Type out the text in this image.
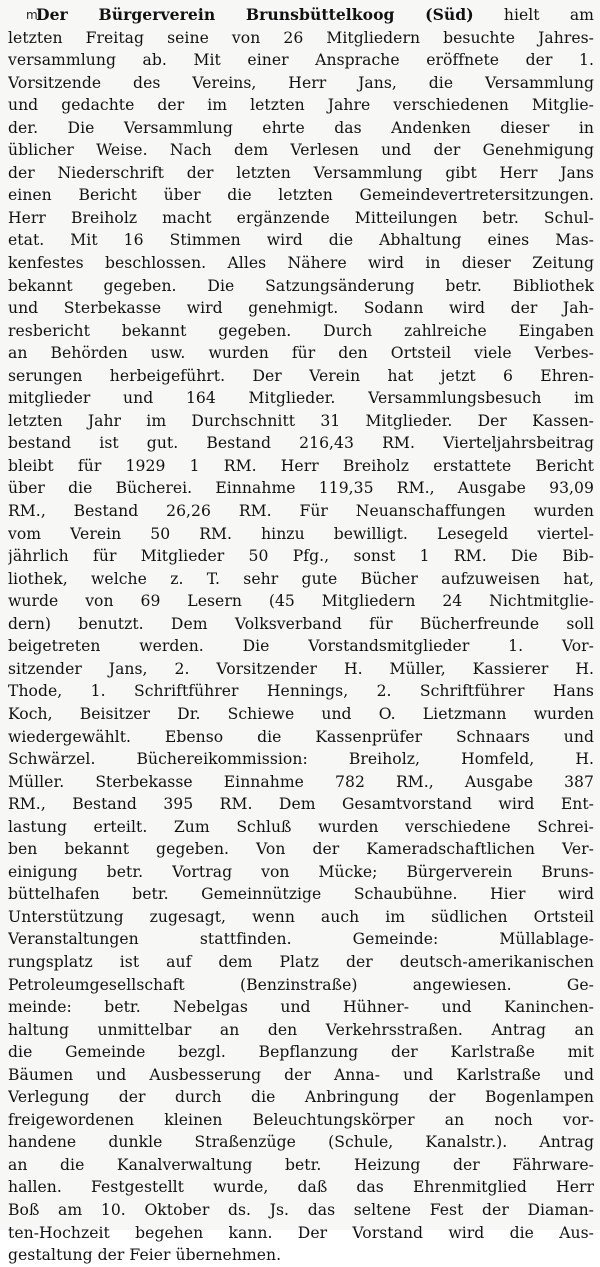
m
Der Bürgerverein Brunsbüttelkoog (Süd) hielt am
letzten Freitag seine von 26 Mitgliedern besuchte Jahres-
versammlung ab. Mit einer Ansprache eröffnete der 1.
Vorsitzende des Vereins, Herr Jans, die Versammlung
und gedachte der im letzten Jahre verschiedenen Mitglie-
der. Die Versammlung ehrte das Andenken dieser in
üblicher Weise. Nach dem Verlesen und der Genehmigung
der Niederschrift der letzten Versammlung gibt Herr Jans
einen Bericht über die letzten Gemeindevertretersitzungen.
Herr Breiholz macht ergänzende Mitteilungen betr. Schul-
etat. Mit 16 Stimmen wird die Abhaltung eines Mas-
kenfestes beschlossen. Alles Nähere wird in dieser Zeitung
bekannt gegeben. Die Satzungsänderung betr. Bibliothek
und Sterbekasse wird genehmigt. Sodann wird der Jah-
resbericht bekannt gegeben. Durch zahlreiche Eingaben
an Behörden usw. wurden für den Ortsteil viele Verbes-
serungen herbeigeführt. Der Verein hat jetzt 6 Ehren-
mitglieder und 164 Mitglieder. Versammlungsbesuch im
letzten Jahr im Durchschnitt 31 Mitglieder. Der Kassen-
bestand ist gut. Bestand 216,43 RM. Vierteljahrsbeitrag
bleibt für 1929 1 RM. Herr Breiholz erstattete Bericht
über die Bücherei. Einnahme 119,35 RM., Ausgabe 93,09
RM., Bestand 26,26 RM. Für Neuanschaffungen wurden
vom Verein 50 RM. hinzu bewilligt. Lesegeld viertel-
jährlich für Mitglieder 50 Pfg., sonst 1 RM. Die Bib-
liothek, welche z. T. sehr gute Bücher aufzuweisen hat,
wurde von 69 Lesern (45 Mitgliedern 24 Nichtmitglie-
dern) benutzt. Dem Volksverband für Bücherfreunde soll
beigetreten werden. Die Vorstandsmitglieder 1. Vor-
sitzender Jans, 2. Vorsitzender H. Müller, Kassierer H.
Thode, 1. Schriftführer Hennings, 2. Schriftführer Hans
Koch, Beisitzer Dr. Schiewe und O. Lietzmann wurden
wiedergewählt. Ebenso die Kassenprüfer Schnaars und
Schwärzel. Büchereikommission: Breiholz, Homfeld, H.
Müller. Sterbekasse Einnahme 782 RM., Ausgabe 387
RM., Bestand 395 RM. Dem Gesamtvorstand wird Ent-
lastung erteilt. Zum Schluß wurden verschiedene Schrei-
ben bekannt gegeben. Von der Kameradschaftlichen Ver-
einigung betr. Vortrag von Mücke; Bürgerverein Bruns-
büttelhafen betr. Gemeinnützige Schaubühne. Hier wird
Unterstützung zugesagt, wenn auch im südlichen Ortsteil
Veranstaltungen stattfinden. Gemeinde: Müllablage-
rungsplatz ist auf dem Platz der deutsch-amerikanischen
Petroleumgesellschaft (Benzinstraße) angewiesen. Ge-
meinde: betr. Nebelgas und Hühner- und Kaninchen-
haltung unmittelbar an den Verkehrsstraßen. Antrag an
die Gemeinde bezgl. Bepflanzung der Karlstraße mit
Bäumen und Ausbesserung der Anna- und Karlstraße und
Verlegung der durch die Anbringung der Bogenlampen
freigewordenen kleinen Beleuchtungskörper an noch vor-
handene dunkle Straßenzüge (Schule, Kanalstr.). Antrag
an die Kanalverwaltung betr. Heizung der Fährware-
hallen. Festgestellt wurde, daß das Ehrenmitglied Herr
Boß am 10. Oktober ds. Js. das seltene Fest der Diaman-
ten-Hochzeit begehen kann. Der Vorstand wird die Aus-
gestaltung der Feier übernehmen.
